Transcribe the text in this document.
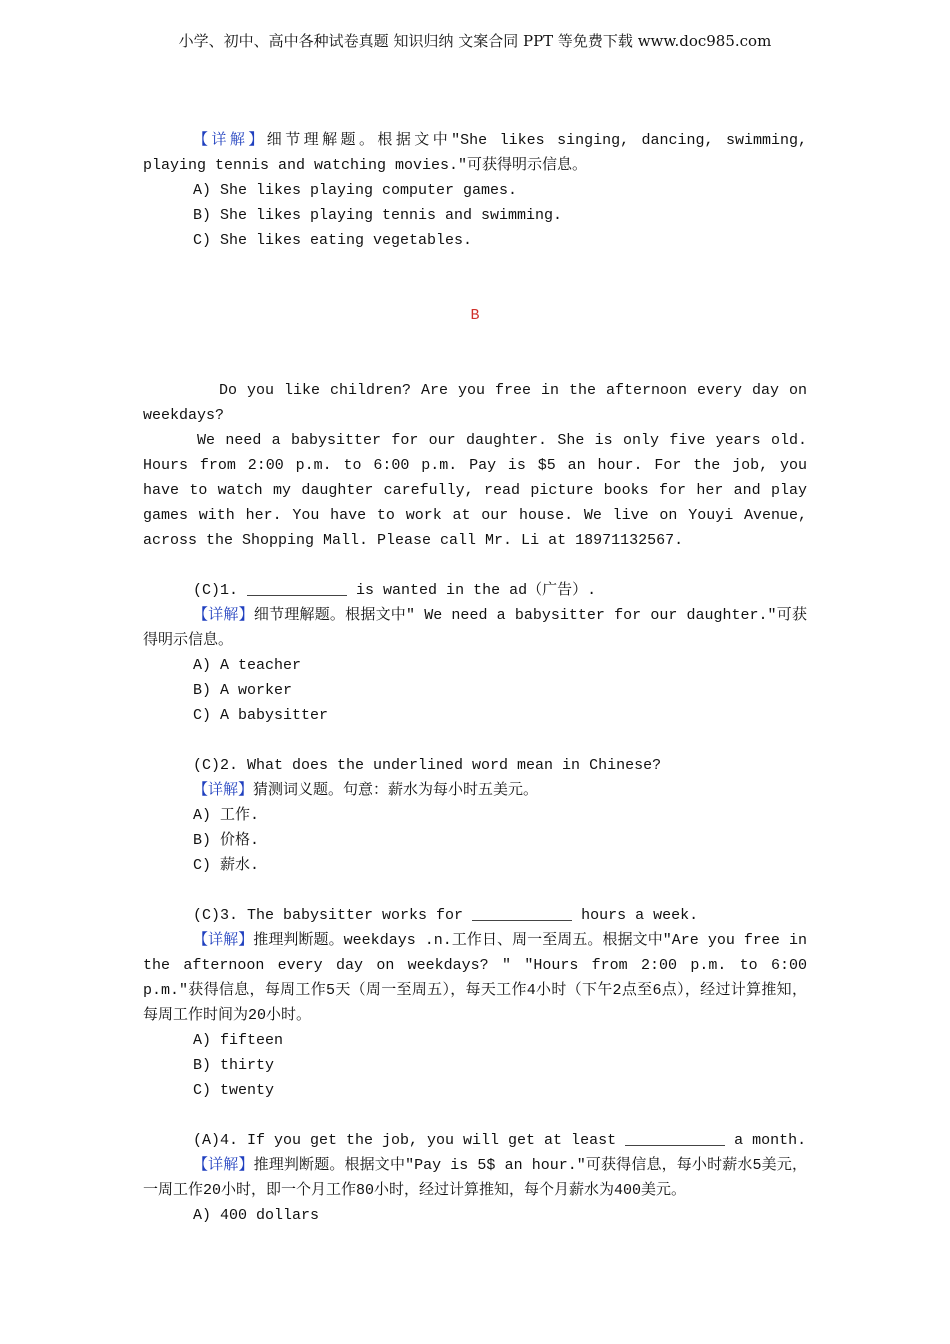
小学、初中、高中各种试卷真题 知识归纳 文案合同 PPT 等免费下载 www.doc985.com

【详解】细节理解题。根据文中"She likes singing, dancing, swimming, playing tennis and watching movies."可获得明示信息。

A) She likes playing computer games.

B) She likes playing tennis and swimming.

C) She likes eating vegetables.

B

Do you like children? Are you free in the afternoon every day on weekdays?

We need a babysitter for our daughter. She is only five years old. Hours from 2:00 p.m. to 6:00 p.m. Pay is $5 an hour. For the job, you have to watch my daughter carefully, read picture books for her and play games with her. You have to work at our house. We live on Youyi Avenue, across the Shopping Mall. Please call Mr. Li at 18971132567.

(C)1.	is wanted in the ad（广告）.

【详解】细节理解题。根据文中" We need a babysitter for our daughter."可获得明示信息。

A) A teacher

B) A worker

C) A babysitter

(C)2. What does the underlined word mean in Chinese?

【详解】猜测词义题。句意：薪水为每小时五美元。

A) 工作.

B) 价格.

C) 薪水.

(C)3. The babysitter works for	hours a week.

【详解】推理判断题。weekdays .n.工作日、周一至周五。根据文中"Are you free in the afternoon every day on weekdays? " "Hours from 2:00 p.m. to 6:00 p.m."获得信息，每周工作5天（周一至周五），每天工作4小时（下午2点至6点），经过计算推知，每周工作时间为20小时。

A) fifteen

B) thirty

C) twenty

(A)4. If you get the job, you will get at least	a month.

【详解】推理判断题。根据文中"Pay is 5$ an hour."可获得信息，每小时薪水5美元，一周工作20小时，即一个月工作80小时，经过计算推知，每个月薪水为400美元。

A) 400 dollars
